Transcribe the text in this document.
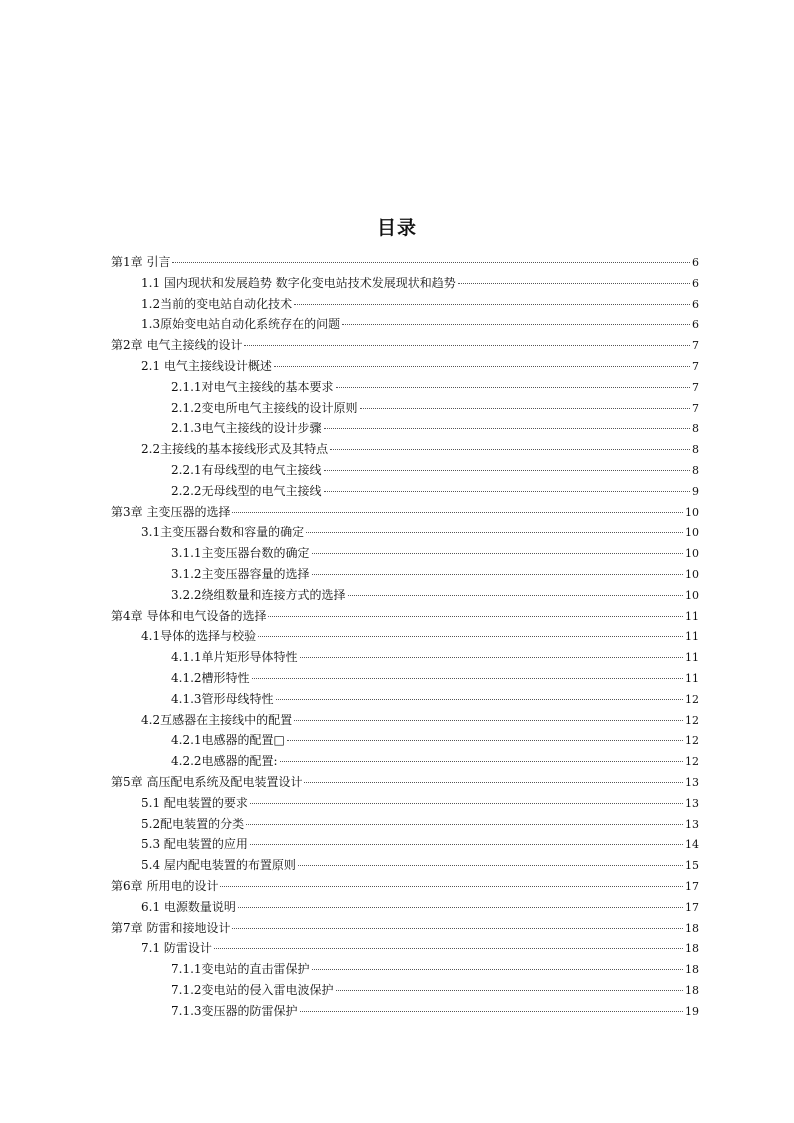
目录
第1章 引言	6
1.1 国内现状和发展趋势 数字化变电站技术发展现状和趋势	6
1.2当前的变电站自动化技术	6
1.3原始变电站自动化系统存在的问题	6
第2章 电气主接线的设计	7
2.1 电气主接线设计概述	7
2.1.1对电气主接线的基本要求	7
2.1.2变电所电气主接线的设计原则	7
2.1.3电气主接线的设计步骤	8
2.2主接线的基本接线形式及其特点	8
2.2.1有母线型的电气主接线	8
2.2.2无母线型的电气主接线	9
第3章 主变压器的选择	10
3.1主变压器台数和容量的确定	10
3.1.1主变压器台数的确定	10
3.1.2主变压器容量的选择	10
3.2.2绕组数量和连接方式的选择	10
第4章 导体和电气设备的选择	11
4.1导体的选择与校验	11
4.1.1单片矩形导体特性	11
4.1.2槽形特性	11
4.1.3管形母线特性	12
4.2互感器在主接线中的配置	12
4.2.1电感器的配置□	12
4.2.2电感器的配置:	12
第5章 高压配电系统及配电装置设计	13
5.1 配电装置的要求	13
5.2配电装置的分类	13
5.3 配电装置的应用	14
5.4 屋内配电装置的布置原则	15
第6章 所用电的设计	17
6.1 电源数量说明	17
第7章 防雷和接地设计	18
7.1 防雷设计	18
7.1.1变电站的直击雷保护	18
7.1.2变电站的侵入雷电波保护	18
7.1.3变压器的防雷保护	19
